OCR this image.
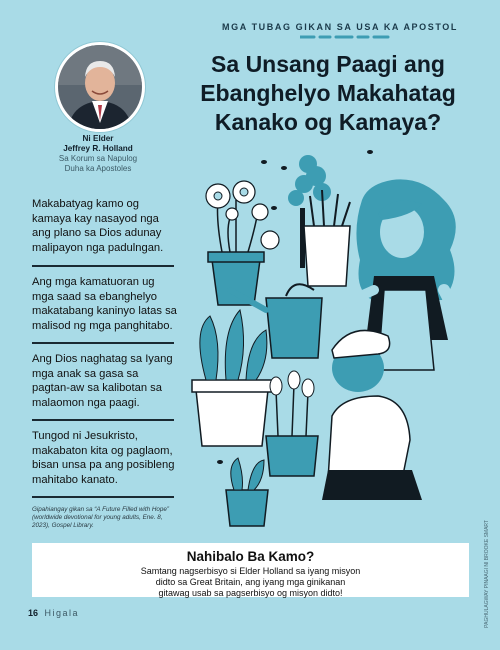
MGA TUBAG GIKAN SA USA KA APOSTOL
Sa Unsang Paagi ang
Ebanghelyo Makahatag
Kanako og Kamaya?
Ni Elder
Jeffrey R. Holland
Sa Korum sa Napulog
Duha ka Apostoles
Makabatyag kamo og kamaya kay nasayod nga ang plano sa Dios adunay malipayon nga padulngan.
Ang mga kamatuoran ug mga saad sa ebanghelyo makatabang kaninyo latas sa malisod ng mga panghitabo.
Ang Dios naghatag sa Iyang mga anak sa gasa sa pagtan-aw sa kalibotan sa malaomon nga paagi.
Tungod ni Jesukristo, makabaton kita og paglaom, bisan unsa pa ang posibleng mahitabo kanato.
Gipahiangay gikan sa “A Future Filled with Hope” (worldwide devotional for young adults, Ene. 8, 2023), Gospel Library.
Nahibalo Ba Kamo?
Samtang nagserbisyo si Elder Holland sa iyang misyon
didto sa Great Britain, ang iyang mga ginikanan
gitawag usab sa pagserbisyo og misyon didto!
16 Higala	PAGHULAGWAY PINAAGI NI BROOKE SMART
